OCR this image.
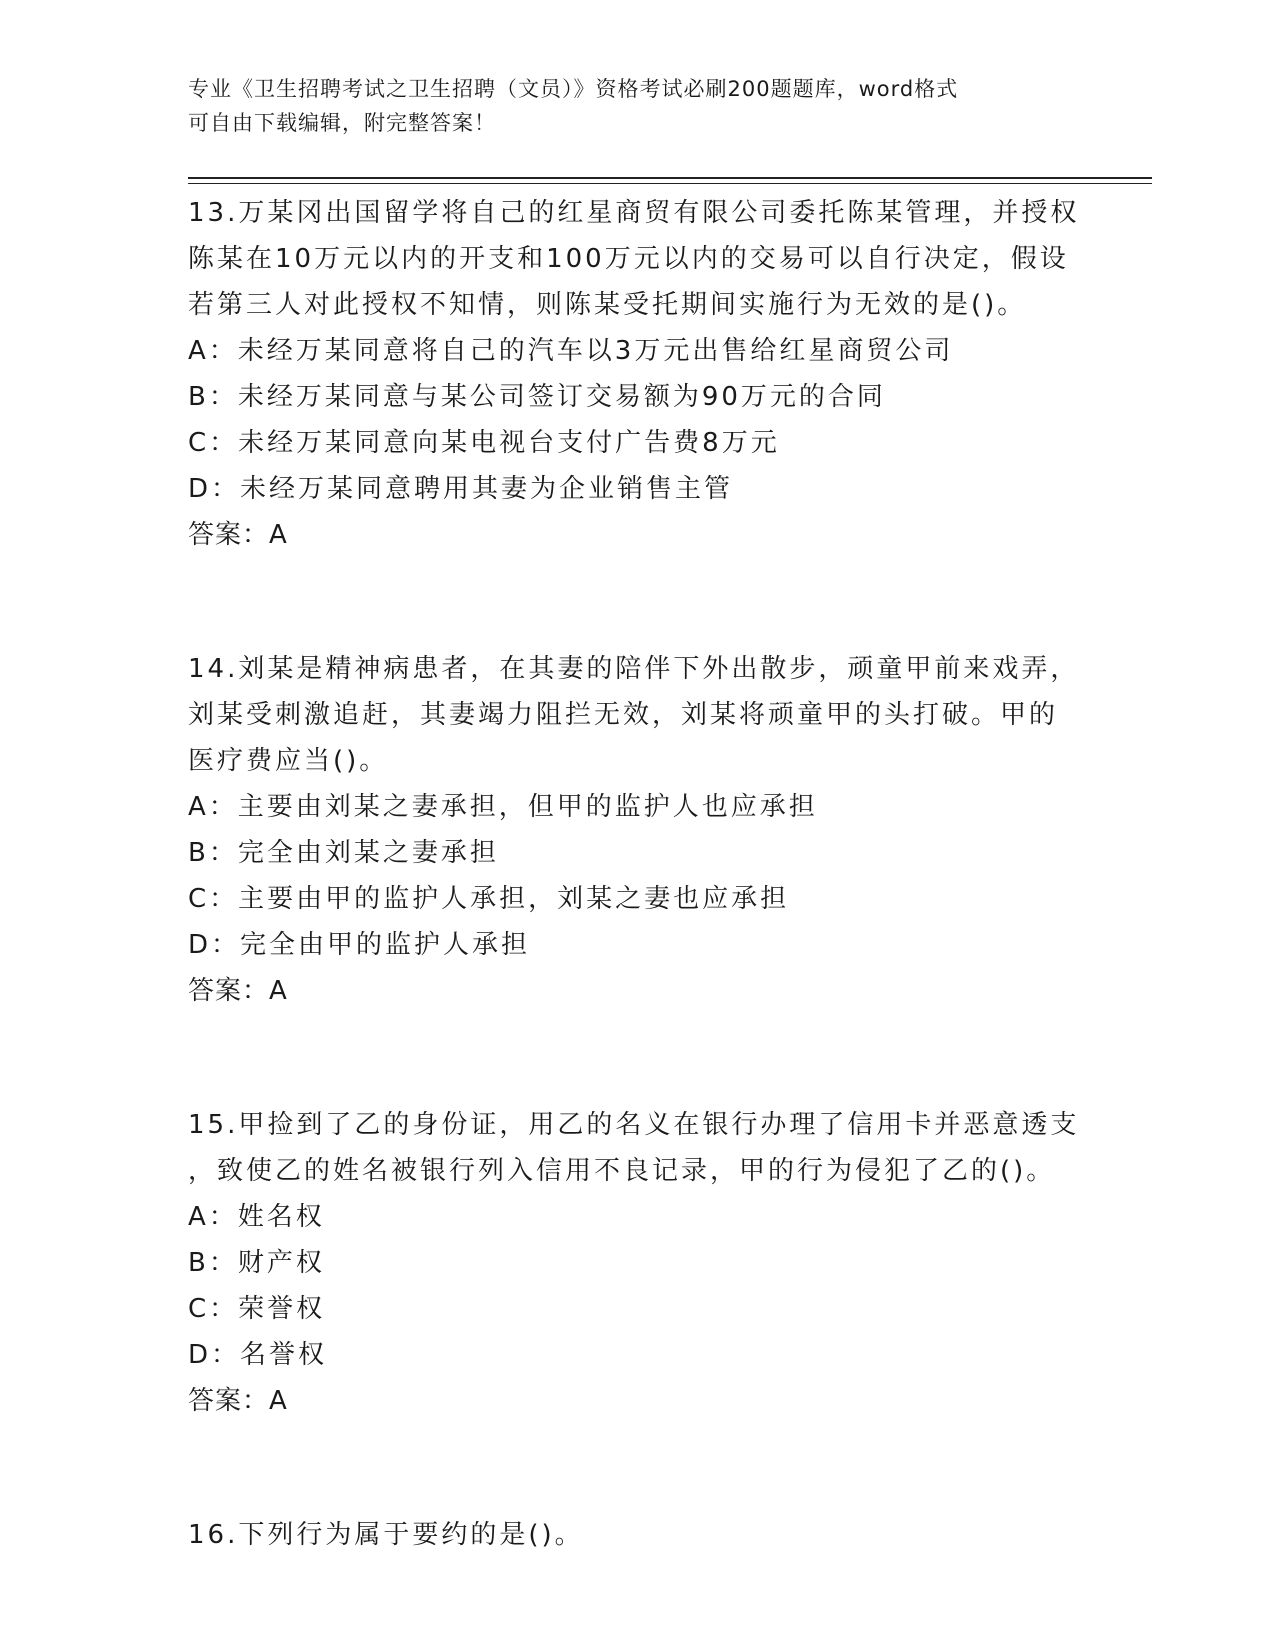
专业《卫生招聘考试之卫生招聘（文员）》资格考试必刷200题题库，word格式
可自由下载编辑，附完整答案！
13.万某冈出国留学将自己的红星商贸有限公司委托陈某管理，并授权
陈某在10万元以内的开支和100万元以内的交易可以自行决定，假设
若第三人对此授权不知情，则陈某受托期间实施行为无效的是()。
A：未经万某同意将自己的汽车以3万元出售给红星商贸公司
B：未经万某同意与某公司签订交易额为90万元的合同
C：未经万某同意向某电视台支付广告费8万元
D：未经万某同意聘用其妻为企业销售主管
答案：A
14.刘某是精神病患者，在其妻的陪伴下外出散步，顽童甲前来戏弄，
刘某受刺激追赶，其妻竭力阻拦无效，刘某将顽童甲的头打破。甲的
医疗费应当()。
A：主要由刘某之妻承担，但甲的监护人也应承担
B：完全由刘某之妻承担
C：主要由甲的监护人承担，刘某之妻也应承担
D：完全由甲的监护人承担
答案：A
15.甲捡到了乙的身份证，用乙的名义在银行办理了信用卡并恶意透支
，致使乙的姓名被银行列入信用不良记录，甲的行为侵犯了乙的()。
A：姓名权
B：财产权
C：荣誉权
D：名誉权
答案：A
16.下列行为属于要约的是()。
